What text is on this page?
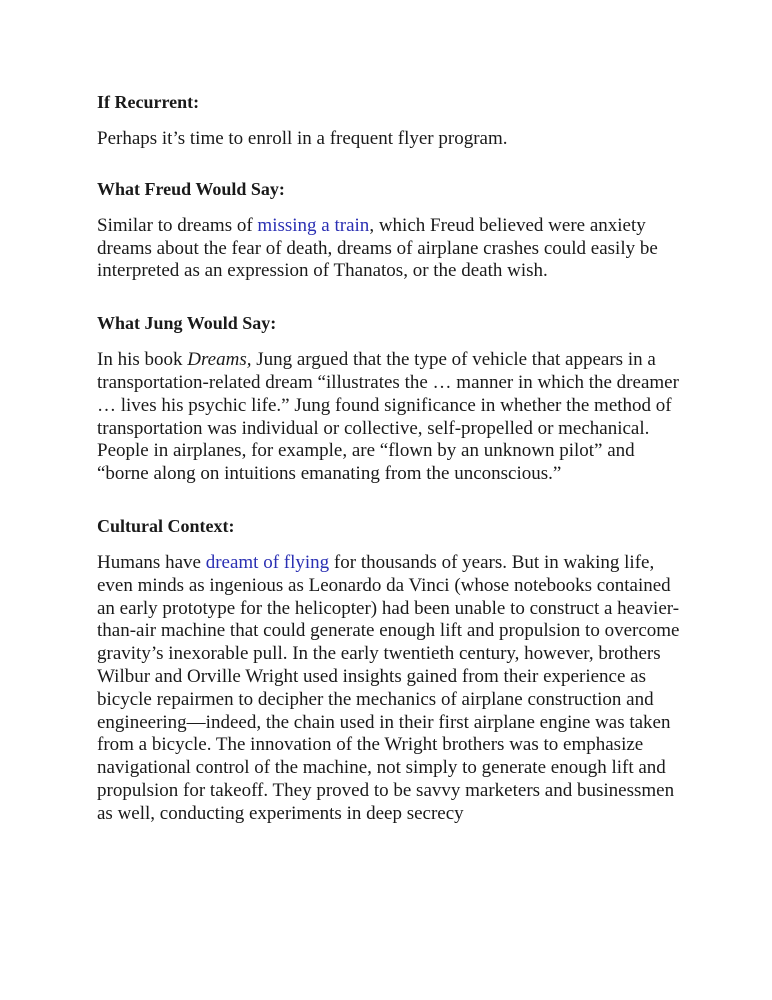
If Recurrent:

Perhaps it’s time to enroll in a frequent flyer program.

What Freud Would Say:

Similar to dreams of missing a train, which Freud believed were anxiety dreams about the fear of death, dreams of airplane crashes could easily be interpreted as an expression of Thanatos, or the death wish.

What Jung Would Say:

In his book Dreams, Jung argued that the type of vehicle that appears in a transportation-related dream “illustrates the … manner in which the dreamer … lives his psychic life.” Jung found significance in whether the method of transportation was individual or collective, self-propelled or mechanical. People in airplanes, for example, are “flown by an unknown pilot” and “borne along on intuitions emanating from the unconscious.”

Cultural Context:

Humans have dreamt of flying for thousands of years. But in waking life, even minds as ingenious as Leonardo da Vinci (whose notebooks contained an early prototype for the helicopter) had been unable to construct a heavier-than-air machine that could generate enough lift and propulsion to overcome gravity’s inexorable pull. In the early twentieth century, however, brothers Wilbur and Orville Wright used insights gained from their experience as bicycle repairmen to decipher the mechanics of airplane construction and engineering—indeed, the chain used in their first airplane engine was taken from a bicycle. The innovation of the Wright brothers was to emphasize navigational control of the machine, not simply to generate enough lift and propulsion for takeoff. They proved to be savvy marketers and businessmen as well, conducting experiments in deep secrecy
